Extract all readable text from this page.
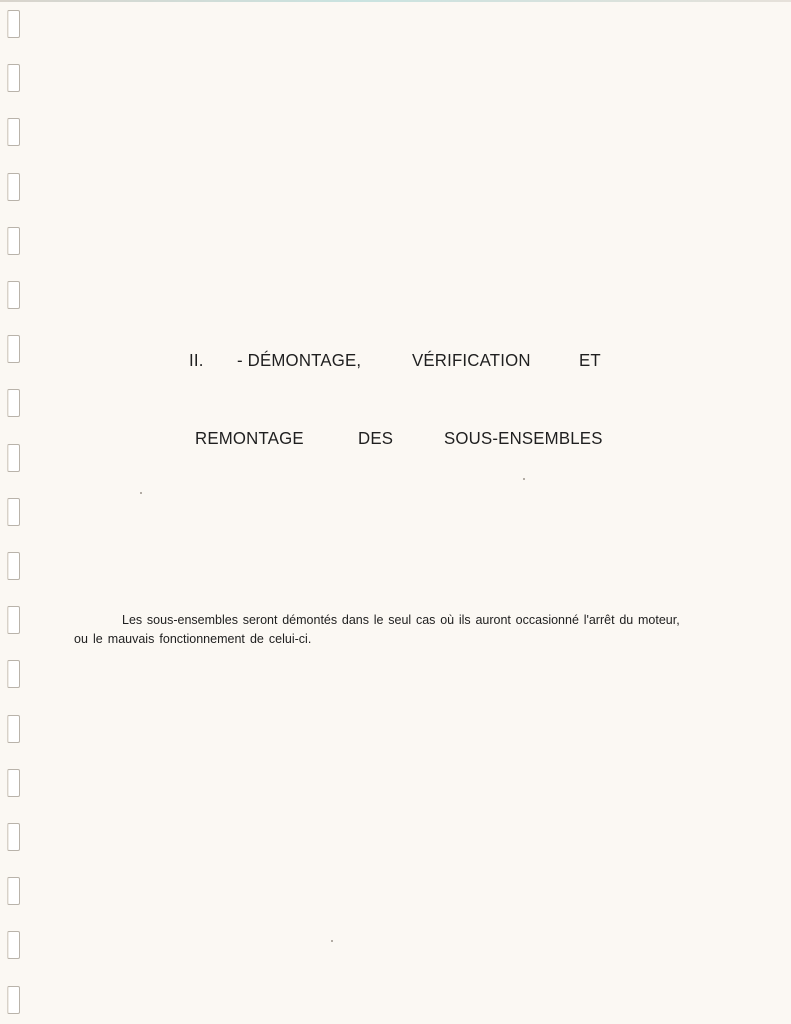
II. - DÉMONTAGE,	VÉRIFICATION	ET
REMONTAGE	DES	SOUS-ENSEMBLES
Les sous-ensembles seront démontés dans le seul cas où ils auront occasionné l'arrêt du moteur,
ou le mauvais fonctionnement de celui-ci.
